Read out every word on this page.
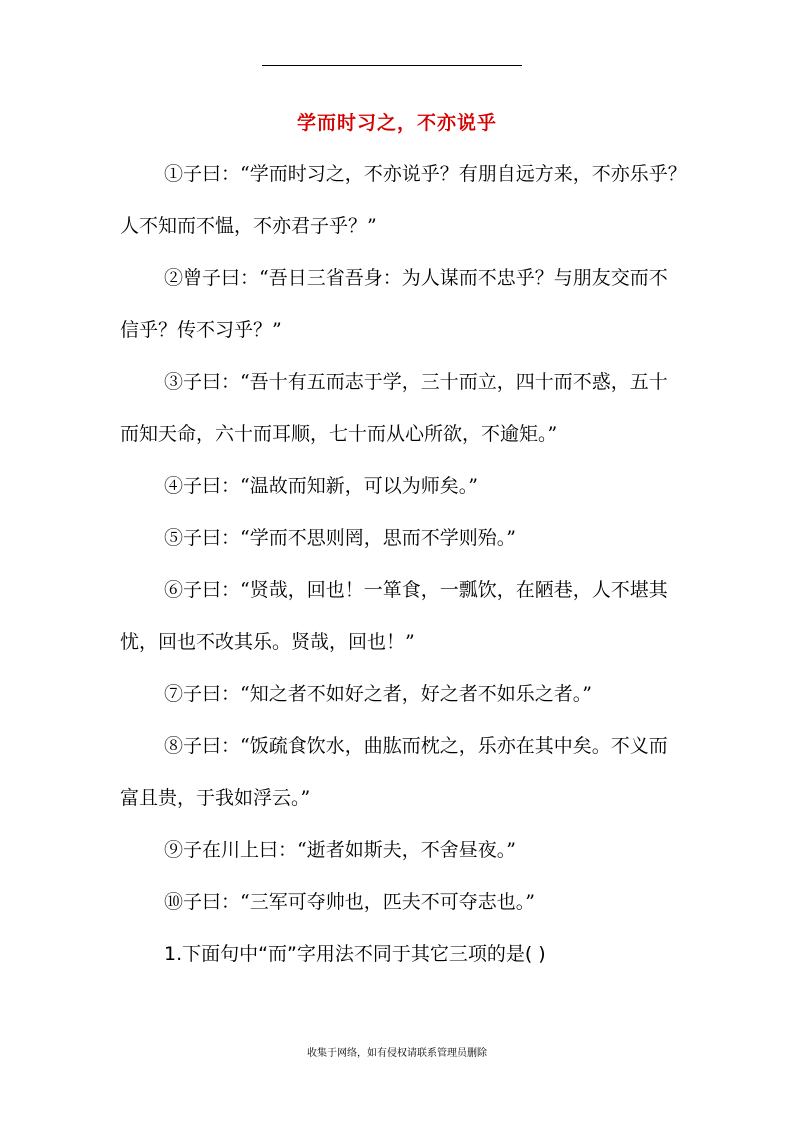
学而时习之，不亦说乎

①子曰：“学而时习之，不亦说乎？有朋自远方来，不亦乐乎？

人不知而不愠，不亦君子乎？”

②曾子曰：“吾日三省吾身：为人谋而不忠乎？与朋友交而不

信乎？传不习乎？”

③子曰：“吾十有五而志于学，三十而立，四十而不惑，五十

而知天命，六十而耳顺，七十而从心所欲，不逾矩。”

④子曰：“温故而知新，可以为师矣。”

⑤子曰：“学而不思则罔，思而不学则殆。”

⑥子曰：“贤哉，回也！一箪食，一瓢饮，在陋巷，人不堪其

忧，回也不改其乐。贤哉，回也！”

⑦子曰：“知之者不如好之者，好之者不如乐之者。”

⑧子曰：“饭疏食饮水，曲肱而枕之，乐亦在其中矣。不义而

富且贵，于我如浮云。”

⑨子在川上曰：“逝者如斯夫，不舍昼夜。”

⑩子曰：“三军可夺帅也，匹夫不可夺志也。”

1.下面句中“而”字用法不同于其它三项的是( )

收集于网络，如有侵权请联系管理员删除
